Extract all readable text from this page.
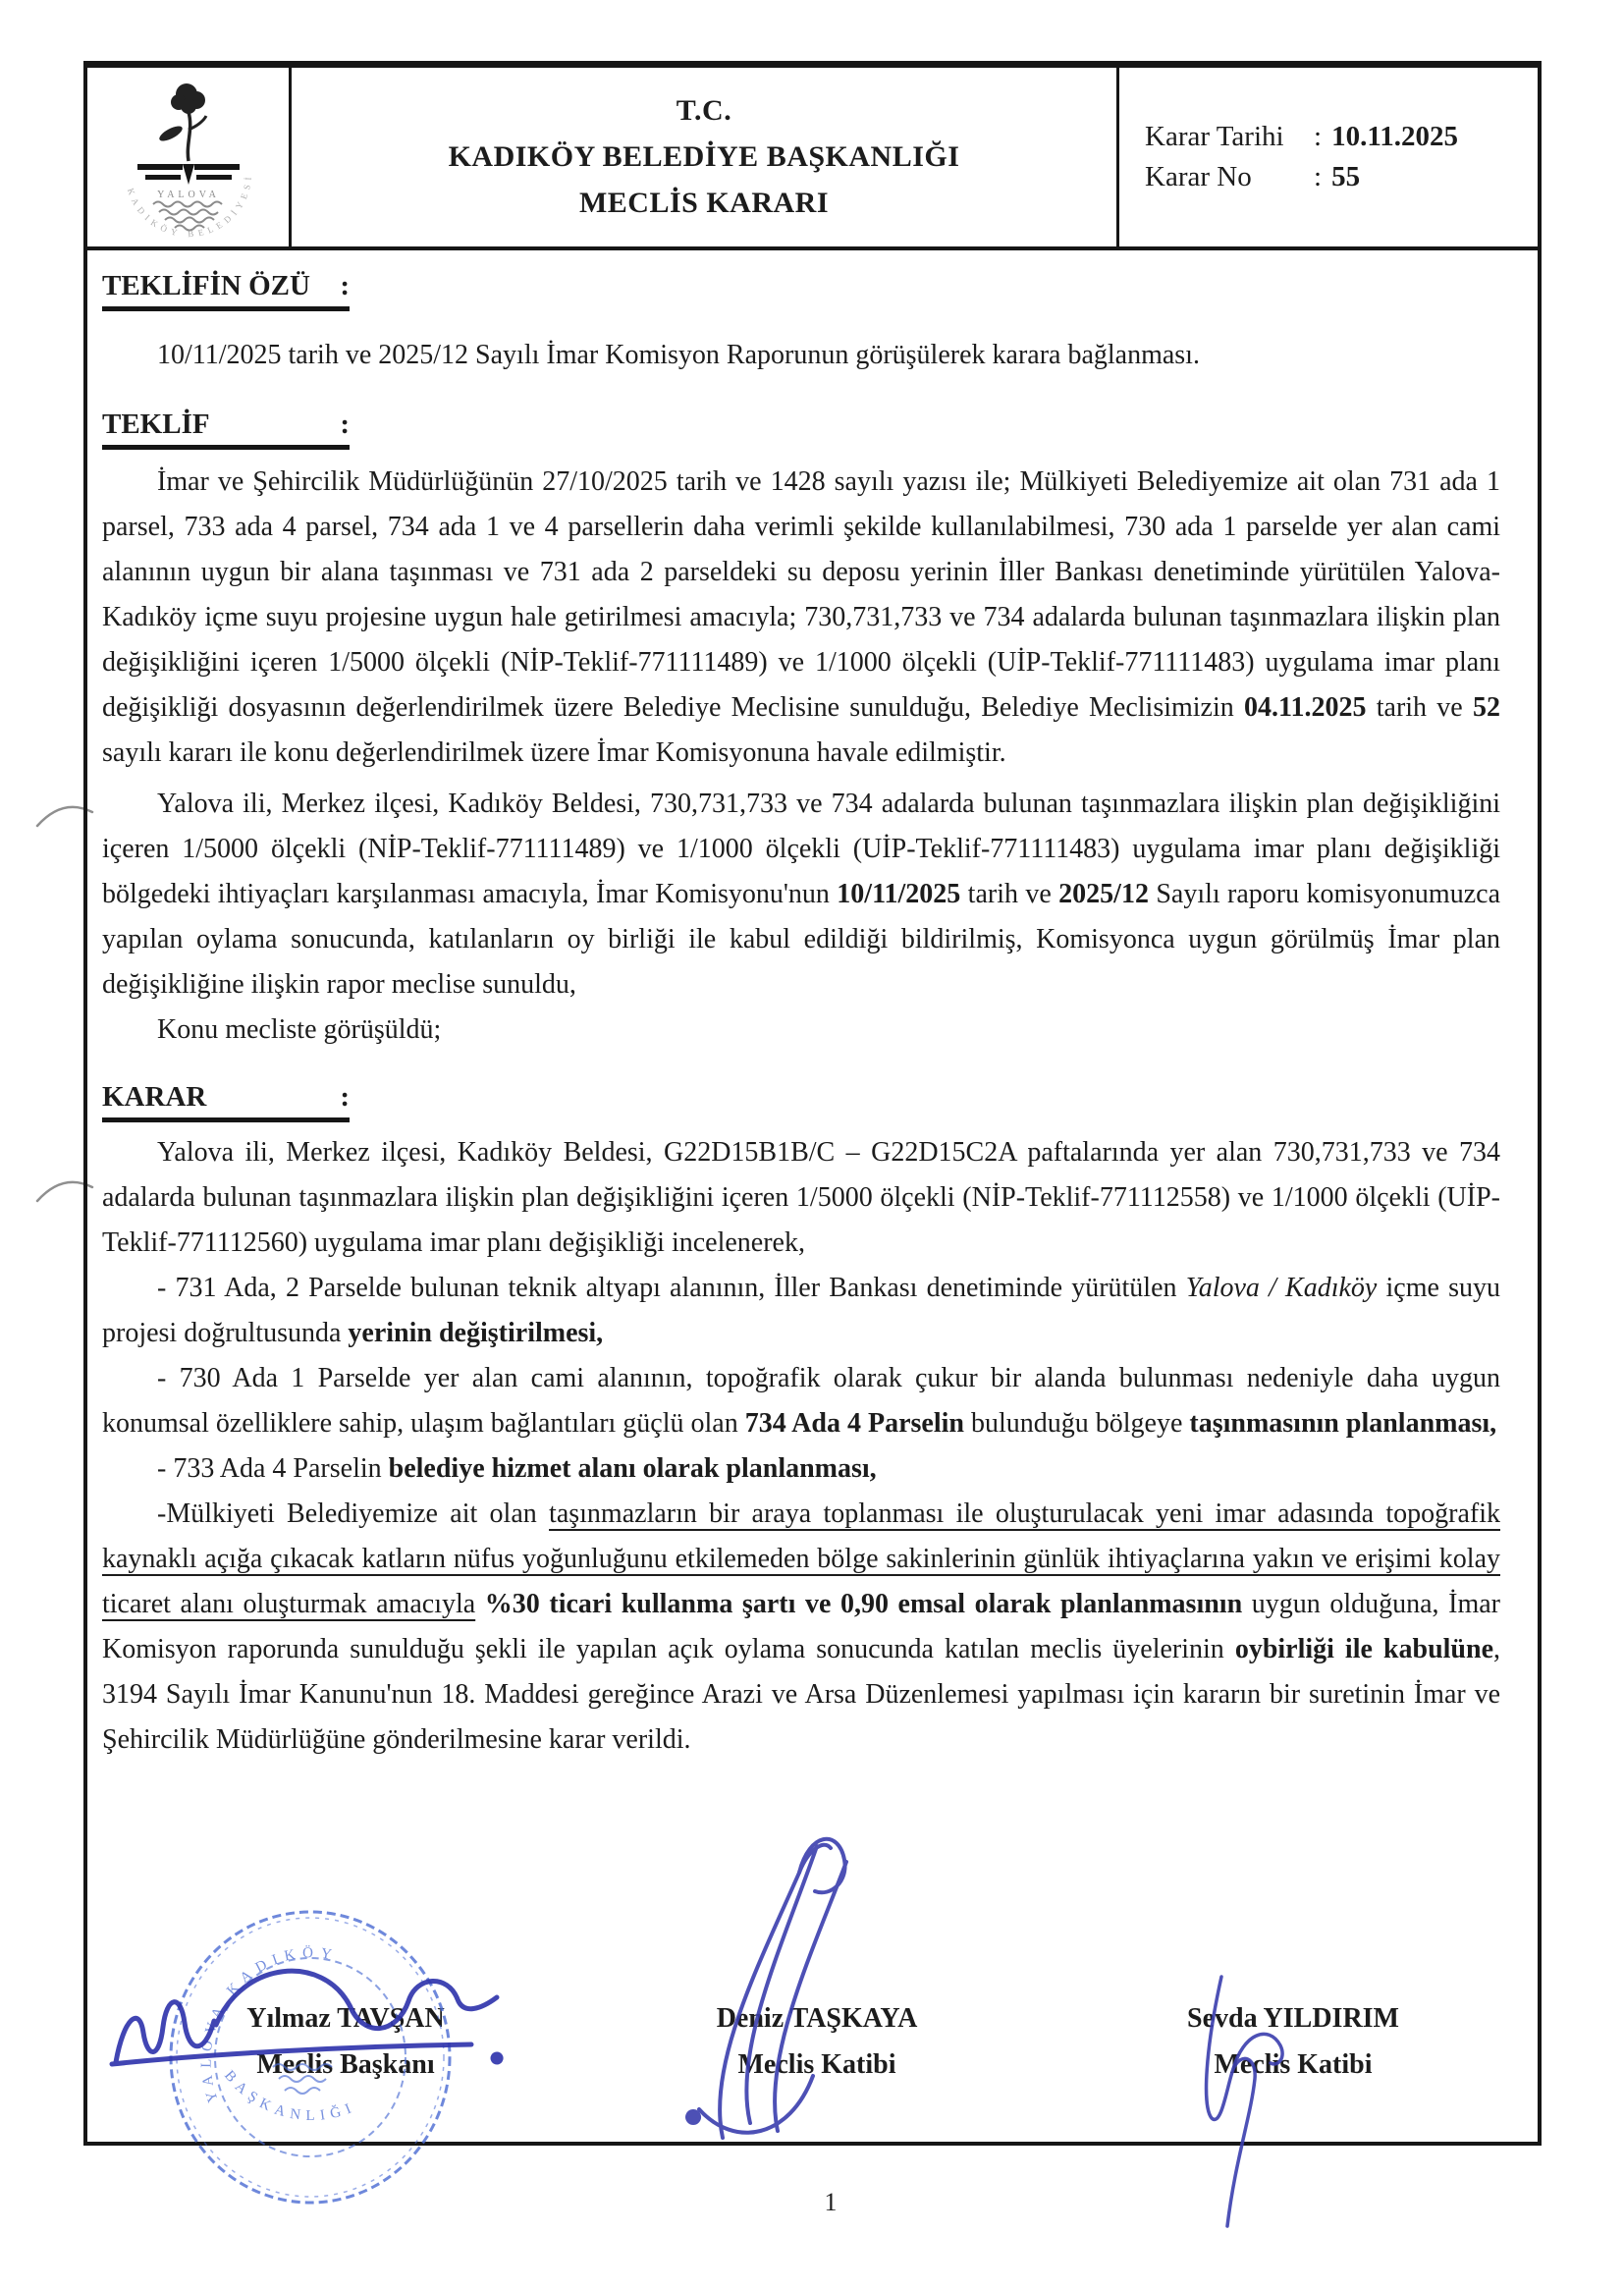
YALOVA
KADIKÖY BELEDİYESİ
T.C.
KADIKÖY BELEDİYE BAŞKANLIĞI
MECLİS KARARI
Karar Tarihi : 10.11.2025
Karar No : 55
TEKLİFİN ÖZÜ :

10/11/2025 tarih ve 2025/12 Sayılı İmar Komisyon Raporunun görüşülerek karara bağlanması.

TEKLİF	:

İmar ve Şehircilik Müdürlüğünün 27/10/2025 tarih ve 1428 sayılı yazısı ile; Mülkiyeti Belediyemize ait olan 731 ada 1 parsel, 733 ada 4 parsel, 734 ada 1 ve 4 parsellerin daha verimli şekilde kullanılabilmesi, 730 ada 1 parselde yer alan cami alanının uygun bir alana taşınması ve 731 ada 2 parseldeki su deposu yerinin İller Bankası denetiminde yürütülen Yalova-Kadıköy içme suyu projesine uygun hale getirilmesi amacıyla; 730,731,733 ve 734 adalarda bulunan taşınmazlara ilişkin plan değişikliğini içeren 1/5000 ölçekli (NİP-Teklif-771111489) ve 1/1000 ölçekli (UİP-Teklif-771111483) uygulama imar planı değişikliği dosyasının değerlendirilmek üzere Belediye Meclisine sunulduğu, Belediye Meclisimizin 04.11.2025 tarih ve 52 sayılı kararı ile konu değerlendirilmek üzere İmar Komisyonuna havale edilmiştir.

Yalova ili, Merkez ilçesi, Kadıköy Beldesi, 730,731,733 ve 734 adalarda bulunan taşınmazlara ilişkin plan değişikliğini içeren 1/5000 ölçekli (NİP-Teklif-771111489) ve 1/1000 ölçekli (UİP-Teklif-771111483) uygulama imar planı değişikliği bölgedeki ihtiyaçları karşılanması amacıyla, İmar Komisyonu'nun 10/11/2025 tarih ve 2025/12 Sayılı raporu komisyonumuzca yapılan oylama sonucunda, katılanların oy birliği ile kabul edildiği bildirilmiş, Komisyonca uygun görülmüş İmar plan değişikliğine ilişkin rapor meclise sunuldu,

Konu mecliste görüşüldü;

KARAR	:

Yalova ili, Merkez ilçesi, Kadıköy Beldesi, G22D15B1B/C – G22D15C2A paftalarında yer alan 730,731,733 ve 734 adalarda bulunan taşınmazlara ilişkin plan değişikliğini içeren 1/5000 ölçekli (NİP-Teklif-771112558) ve 1/1000 ölçekli (UİP-Teklif-771112560) uygulama imar planı değişikliği incelenerek,

- 731 Ada, 2 Parselde bulunan teknik altyapı alanının, İller Bankası denetiminde yürütülen Yalova / Kadıköy içme suyu projesi doğrultusunda yerinin değiştirilmesi,

- 730 Ada 1 Parselde yer alan cami alanının, topoğrafik olarak çukur bir alanda bulunması nedeniyle daha uygun konumsal özelliklere sahip, ulaşım bağlantıları güçlü olan 734 Ada 4 Parselin bulunduğu bölgeye taşınmasının planlanması,

- 733 Ada 4 Parselin belediye hizmet alanı olarak planlanması,

-Mülkiyeti Belediyemize ait olan taşınmazların bir araya toplanması ile oluşturulacak yeni imar adasında topoğrafik kaynaklı açığa çıkacak katların nüfus yoğunluğunu etkilemeden bölge sakinlerinin günlük ihtiyaçlarına yakın ve erişimi kolay ticaret alanı oluşturmak amacıyla %30 ticari kullanma şartı ve 0,90 emsal olarak planlanmasının uygun olduğuna, İmar Komisyon raporunda sunulduğu şekli ile yapılan açık oylama sonucunda katılan meclis üyelerinin oybirliği ile kabulüne, 3194 Sayılı İmar Kanunu'nun 18. Maddesi gereğince Arazi ve Arsa Düzenlemesi yapılması için kararın bir suretinin İmar ve Şehircilik Müdürlüğüne gönderilmesine karar verildi.

Yılmaz TAVŞAN
Meclis Başkanı
Deniz TAŞKAYA
Meclis Katibi
Sevda YILDIRIM
Meclis Katibi
YALOVA KADIKÖY
BAŞKANLIĞI
1
